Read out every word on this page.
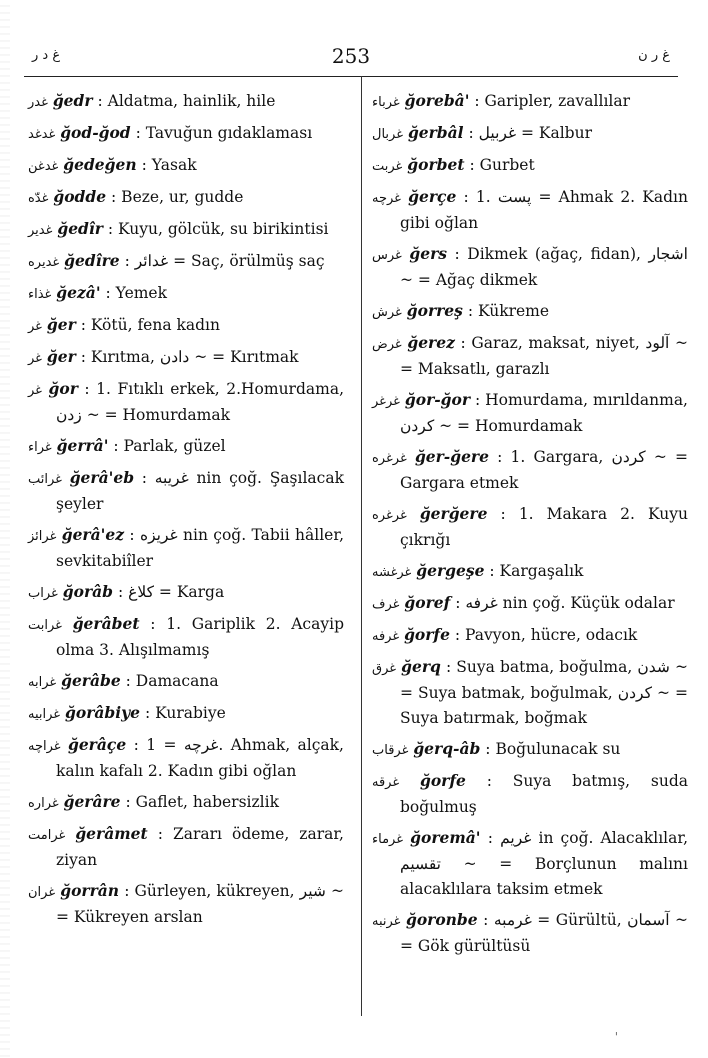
غ د ر	253	غ ر ن
غدر ğedr : Aldatma, hainlik, hile
غدغد ğod-ğod : Tavuğun gıdaklaması
غدغن ğedeğen : Yasak
غدّه ğodde : Beze, ur, gudde
غدير ğedîr : Kuyu, gölcük, su birikintisi
غديره ğedîre : غدائر = Saç, örülmüş saç
غذاء ğezâ' : Yemek
غر ğer : Kötü, fena kadın
غر ğer : Kırıtma, دادن ~ = Kırıtmak
غر ğor : 1. Fıtıklı erkek, 2.Homurdama, زدن ~ = Homurdamak
غراء ğerrâ' : Parlak, güzel
غرائب ğerâ'eb : غريبه nin çoğ. Şaşılacak şeyler
غرائز ğerâ'ez : غريزه nin çoğ. Tabii hâller, sevkitabiîler
غراب ğorâb : كلاغ = Karga
غرابت ğerâbet : 1. Gariplik 2. Acayip olma 3. Alışılmamış
غرابه ğerâbe : Damacana
غرابيه ğorâbiye : Kurabiye
غراچه ğerâçe : غرچه = 1. Ahmak, alçak, kalın kafalı 2. Kadın gibi oğlan
غراره ğerâre : Gaflet, habersizlik
غرامت ğerâmet : Zararı ödeme, zarar, ziyan
غران ğorrân : Gürleyen, kükreyen, شير ~ = Kükreyen arslan
غرباء ğorebâ' : Garipler, zavallılar
غربال ğerbâl : غربيل = Kalbur
غربت ğorbet : Gurbet
غرچه ğerçe : 1. پست = Ahmak 2. Kadın gibi oğlan
غرس ğers : Dikmek (ağaç, fidan), اشجار ~ = Ağaç dikmek
غرش ğorreş : Kükreme
غرض ğerez : Garaz, maksat, niyet, آلود ~ = Maksatlı, garazlı
غرغر ğor-ğor : Homurdama, mırıldanma, كردن ~ = Homurdamak
غرغره ğer-ğere : 1. Gargara, كردن ~ = Gargara etmek
غرغره ğerğere : 1. Makara 2. Kuyu çıkrığı
غرغشه ğergeşe : Kargaşalık
غرف ğoref : غرفه nin çoğ. Küçük odalar
غرفه ğorfe : Pavyon, hücre, odacık
غرق ğerq : Suya batma, boğulma, شدن ~ = Suya batmak, boğulmak, كردن ~ = Suya batırmak, boğmak
غرقاب ğerq-âb : Boğulunacak su
غرقه ğorfe : Suya batmış, suda boğulmuş
غرماء ğoremâ' : غريم in çoğ. Alacaklılar, تقسيم ~ = Borçlunun malını alacaklılara taksim etmek
غرنبه ğoronbe : غرمبه = Gürültü, آسمان ~ = Gök gürültüsü
'
